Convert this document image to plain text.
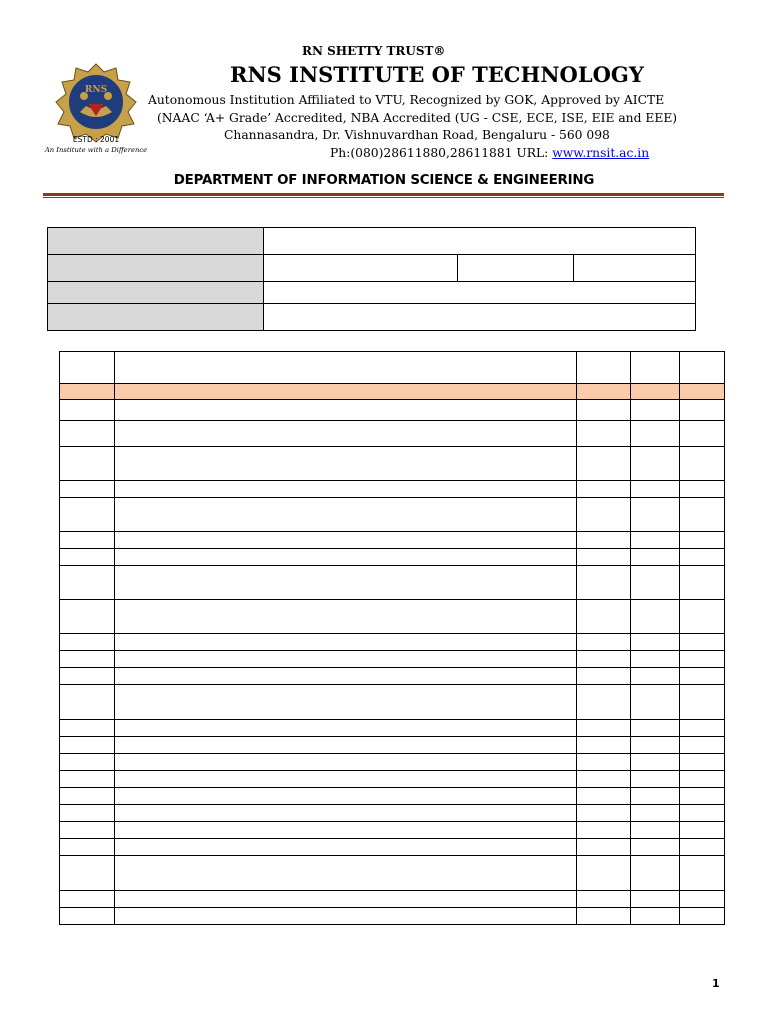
RNS
ESTD : 2001
An Institute with a Difference
RN SHETTY TRUST®
RNS INSTITUTE OF TECHNOLOGY
Autonomous Institution Affiliated to VTU, Recognized by GOK, Approved by AICTE
(NAAC ‘A+ Grade’ Accredited, NBA Accredited (UG - CSE, ECE, ISE, EIE and EEE)
Channasandra, Dr. Vishnuvardhan Road, Bengaluru - 560 098
Ph:(080)28611880,28611881 URL: www.rnsit.ac.in
DEPARTMENT OF INFORMATION SCIENCE & ENGINEERING

1
